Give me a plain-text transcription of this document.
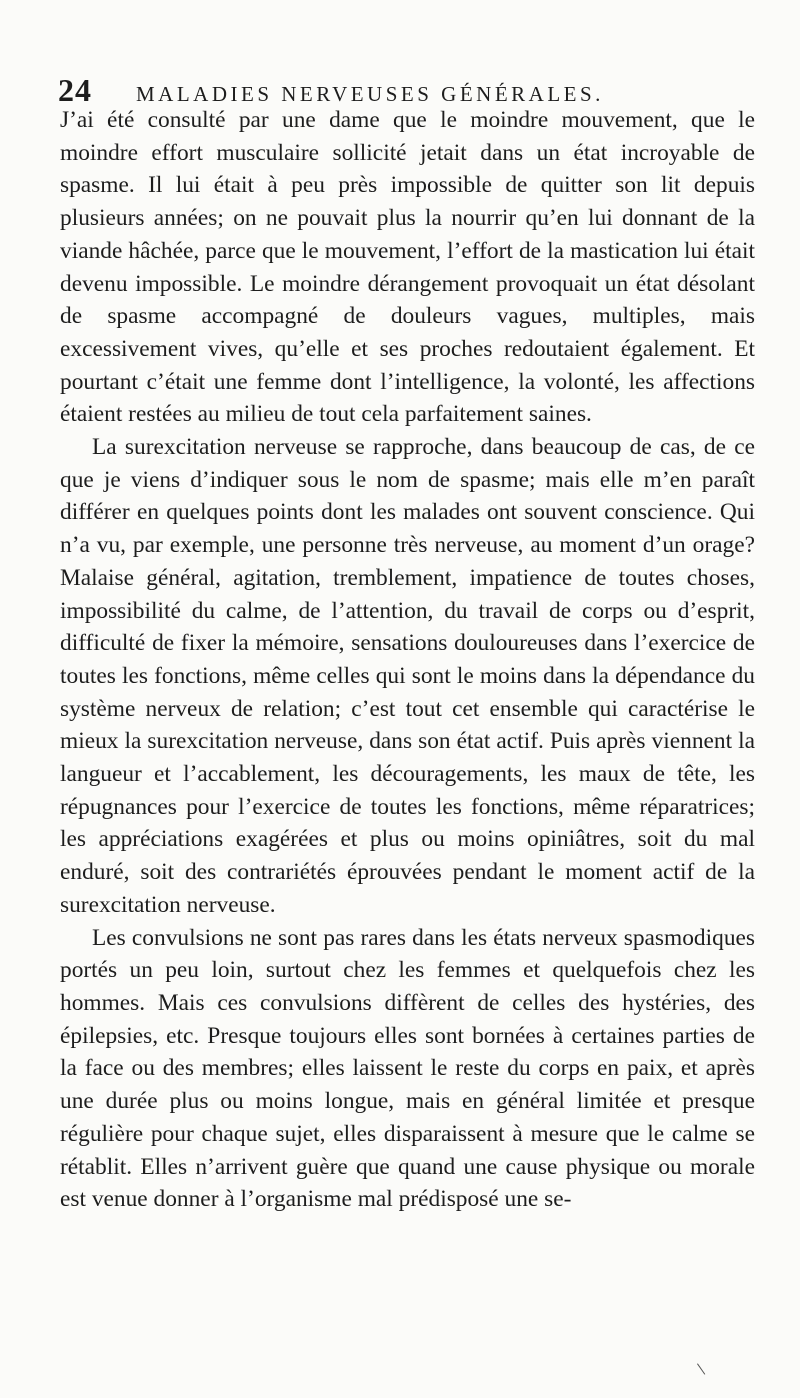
24 MALADIES NERVEUSES GÉNÉRALES.

J’ai été consulté par une dame que le moindre mouvement, que le moindre effort musculaire sollicité jetait dans un état incroyable de spasme. Il lui était à peu près impossible de quitter son lit depuis plusieurs années; on ne pouvait plus la nourrir qu’en lui donnant de la viande hâchée, parce que le mouvement, l’effort de la mastication lui était devenu impossible. Le moindre dérangement provoquait un état désolant de spasme accompagné de douleurs vagues, multiples, mais excessivement vives, qu’elle et ses proches redoutaient également. Et pourtant c’était une femme dont l’intelligence, la volonté, les affections étaient restées au milieu de tout cela parfaitement saines.

La surexcitation nerveuse se rapproche, dans beaucoup de cas, de ce que je viens d’indiquer sous le nom de spasme; mais elle m’en paraît différer en quelques points dont les malades ont souvent conscience. Qui n’a vu, par exemple, une personne très nerveuse, au moment d’un orage? Malaise général, agitation, tremblement, impatience de toutes choses, impossibilité du calme, de l’attention, du travail de corps ou d’esprit, difficulté de fixer la mémoire, sensations douloureuses dans l’exercice de toutes les fonctions, même celles qui sont le moins dans la dépendance du système nerveux de relation; c’est tout cet ensemble qui caractérise le mieux la surexcitation nerveuse, dans son état actif. Puis après viennent la langueur et l’accablement, les découragements, les maux de tête, les répugnances pour l’exercice de toutes les fonctions, même réparatrices; les appréciations exagérées et plus ou moins opiniâtres, soit du mal enduré, soit des contrariétés éprouvées pendant le moment actif de la surexcitation nerveuse.

Les convulsions ne sont pas rares dans les états nerveux spasmodiques portés un peu loin, surtout chez les femmes et quelquefois chez les hommes. Mais ces convulsions diffèrent de celles des hystéries, des épilepsies, etc. Presque toujours elles sont bornées à certaines parties de la face ou des membres; elles laissent le reste du corps en paix, et après une durée plus ou moins longue, mais en général limitée et presque régulière pour chaque sujet, elles disparaissent à mesure que le calme se rétablit. Elles n’arrivent guère que quand une cause physique ou morale est venue donner à l’organisme mal prédisposé une se-
